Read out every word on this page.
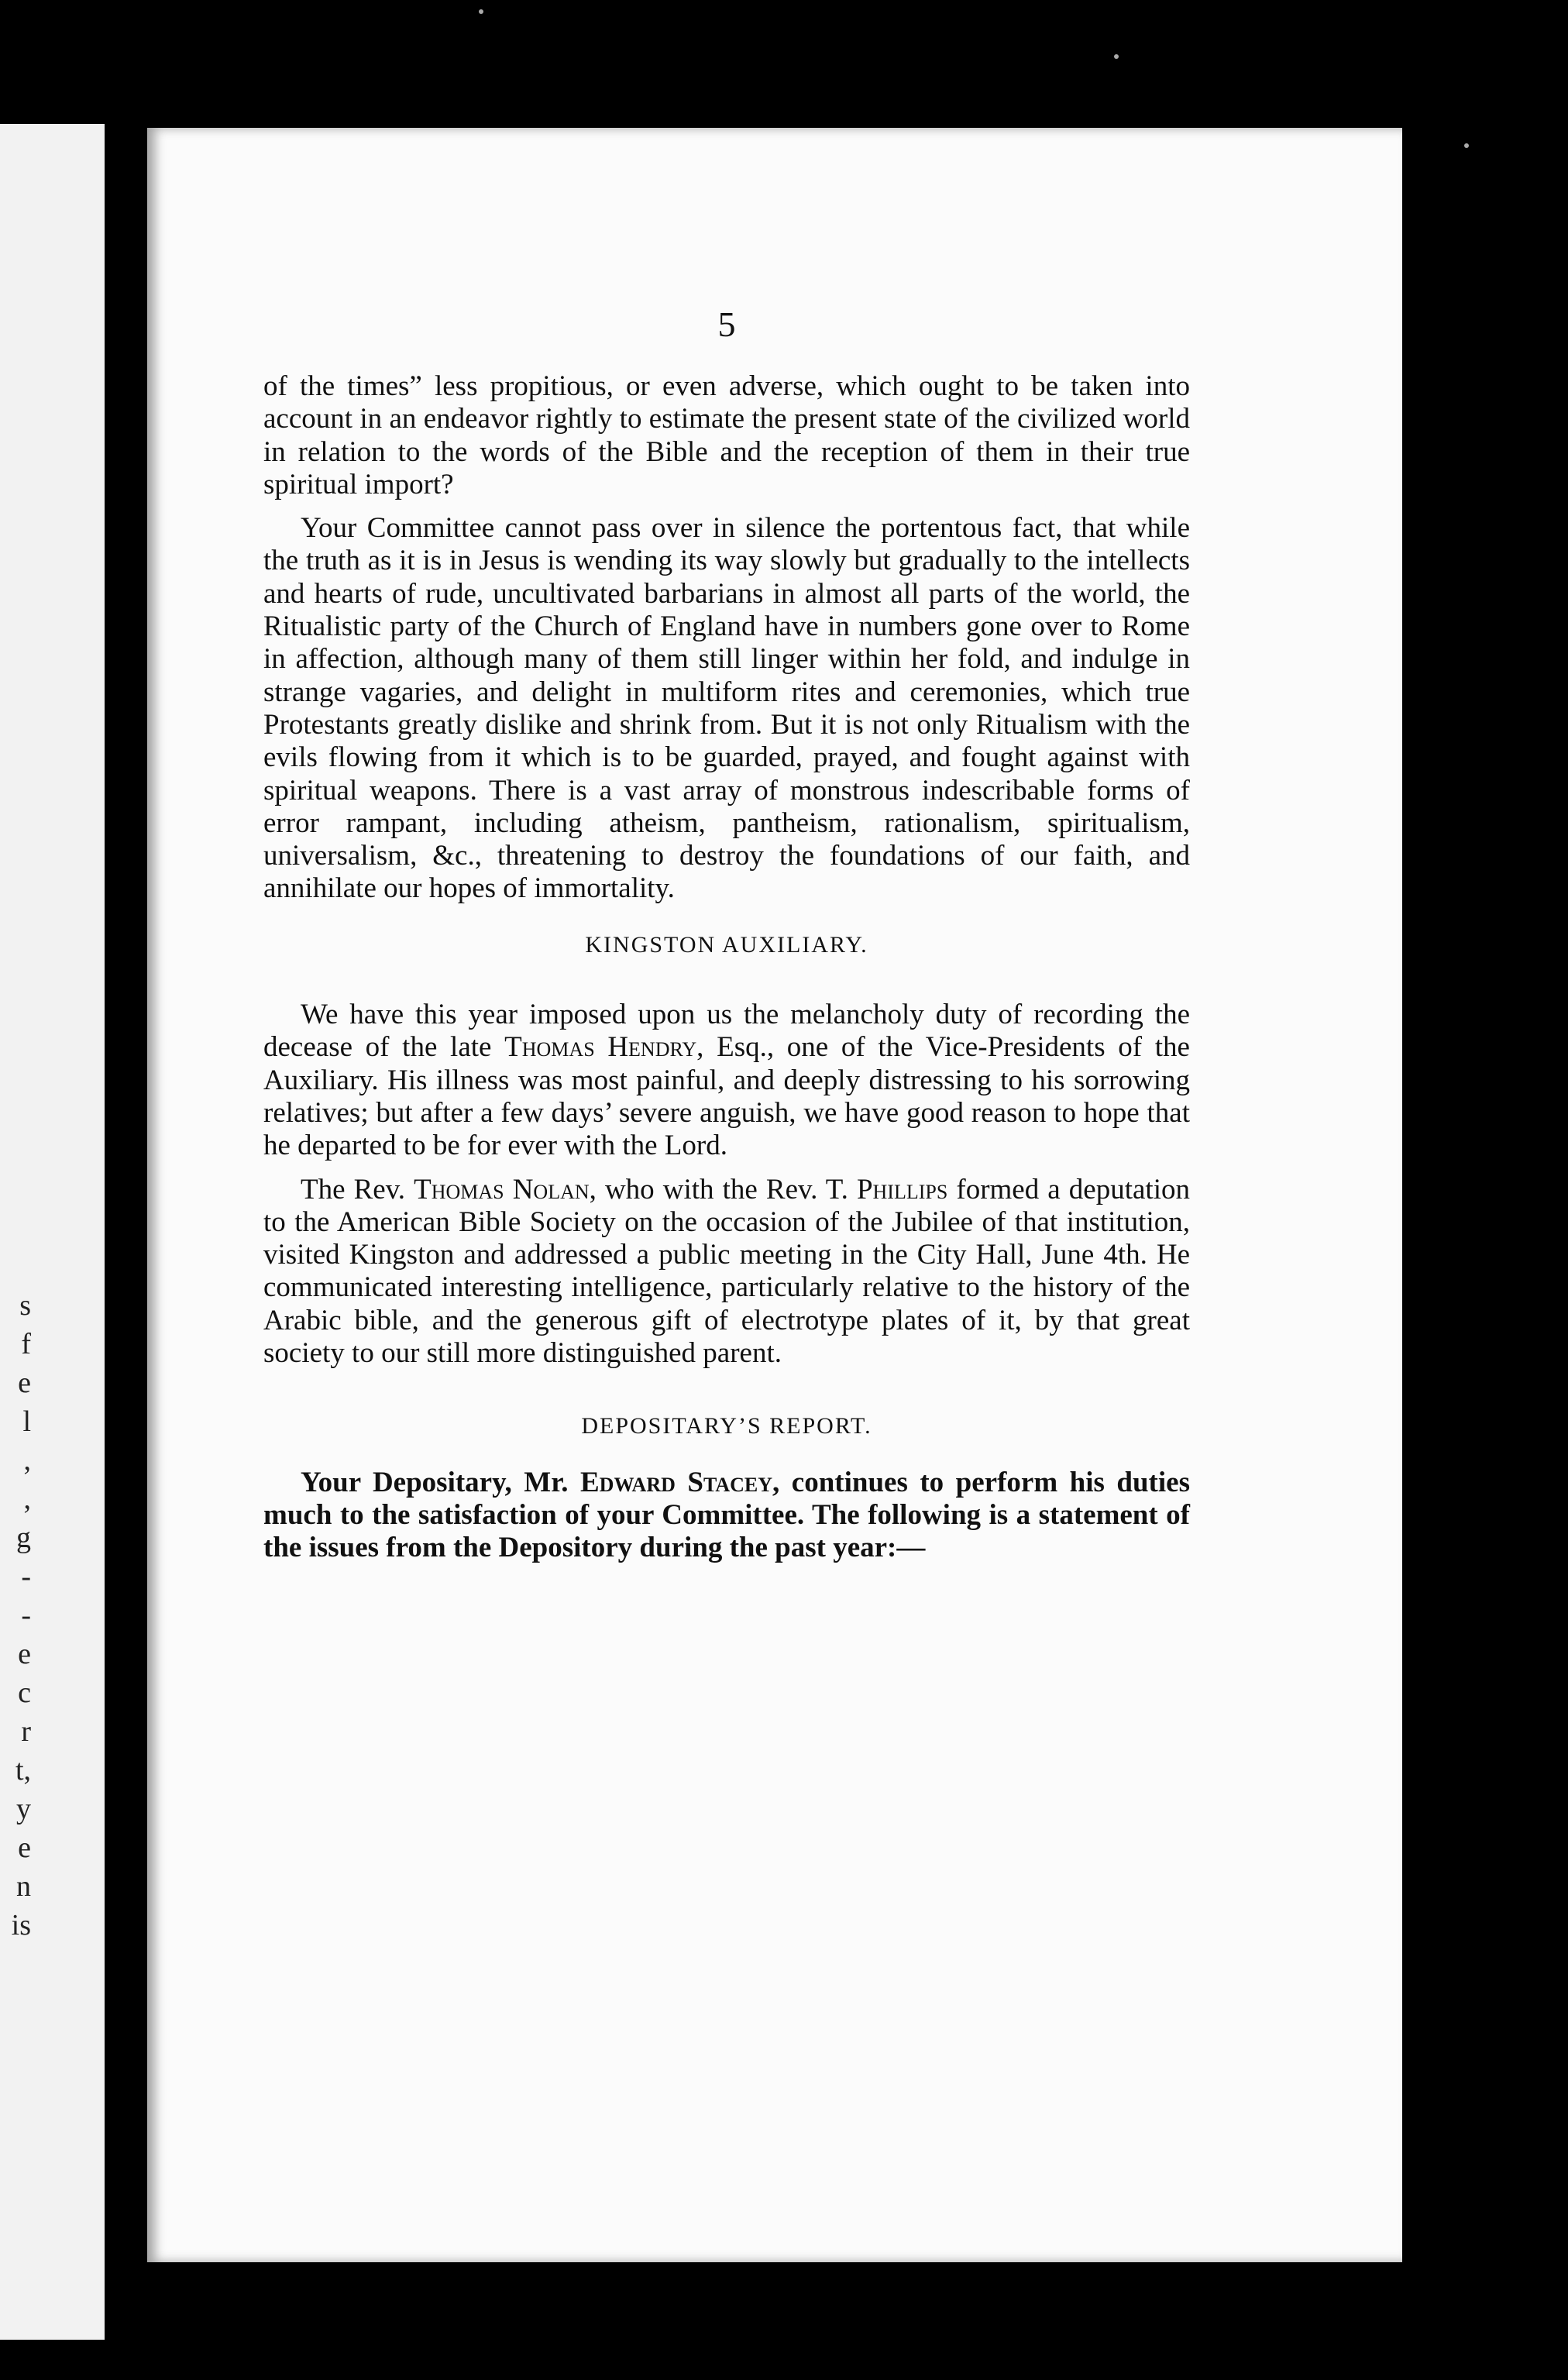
s
f
e
l
,
,
g
-
-
e
c
r
t,
y
e
n
is
5

of the times” less propitious, or even adverse, which ought to be taken into account in an endeavor rightly to estimate the present state of the civilized world in relation to the words of the Bible and the reception of them in their true spiritual import?

Your Committee cannot pass over in silence the portentous fact, that while the truth as it is in Jesus is wending its way slowly but gradually to the intellects and hearts of rude, uncultivated barbarians in almost all parts of the world, the Ritualistic party of the Church of England have in numbers gone over to Rome in affection, although many of them still linger within her fold, and indulge in strange vagaries, and delight in multiform rites and ceremonies, which true Protestants greatly dislike and shrink from. But it is not only Ritualism with the evils flowing from it which is to be guarded, prayed, and fought against with spiritual weapons. There is a vast array of monstrous indescribable forms of error rampant, including atheism, pantheism, rationalism, spiritualism, universalism, &c., threatening to destroy the foundations of our faith, and annihilate our hopes of immortality.

KINGSTON AUXILIARY.

We have this year imposed upon us the melancholy duty of recording the decease of the late Thomas Hendry, Esq., one of the Vice-Presidents of the Auxiliary. His illness was most painful, and deeply distressing to his sorrowing relatives; but after a few days’ severe anguish, we have good reason to hope that he departed to be for ever with the Lord.

The Rev. Thomas Nolan, who with the Rev. T. Phillips formed a deputation to the American Bible Society on the occasion of the Jubilee of that institution, visited Kingston and addressed a public meeting in the City Hall, June 4th. He communicated interesting intelligence, particularly relative to the history of the Arabic bible, and the generous gift of electrotype plates of it, by that great society to our still more distinguished parent.

DEPOSITARY’S REPORT.

Your Depositary, Mr. Edward Stacey, continues to perform his duties much to the satisfaction of your Committee. The following is a statement of the issues from the Depository during the past year:—
